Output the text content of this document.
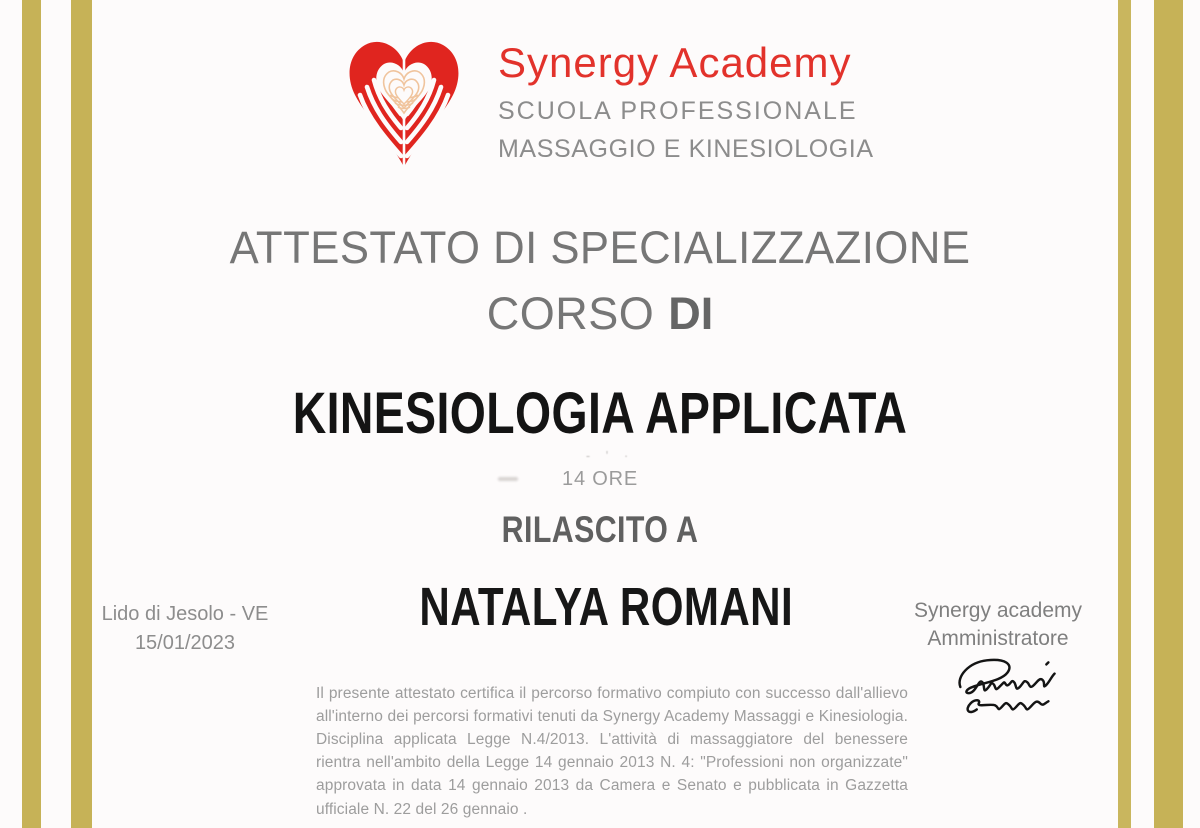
Synergy Academy
SCUOLA PROFESSIONALE
MASSAGGIO E KINESIOLOGIA
ATTESTATO DI SPECIALIZZAZIONE
CORSO DI
KINESIOLOGIA APPLICATA
‐ ' ·
14 ORE
RILASCITO A
NATALYA ROMANI
Lido di Jesolo - VE
15/01/2023
Synergy academy
Amministratore

Il presente attestato certifica il percorso formativo compiuto con successo dall'allievo all'interno dei percorsi formativi tenuti da Synergy Academy Massaggi e Kinesiologia. Disciplina applicata Legge N.4/2013. L'attività di massaggiatore del benessere rientra nell'ambito della Legge 14 gennaio 2013 N. 4: "Professioni non organizzate" approvata in data 14 gennaio 2013 da Camera e Senato e pubblicata in Gazzetta ufficiale N. 22 del 26 gennaio .
